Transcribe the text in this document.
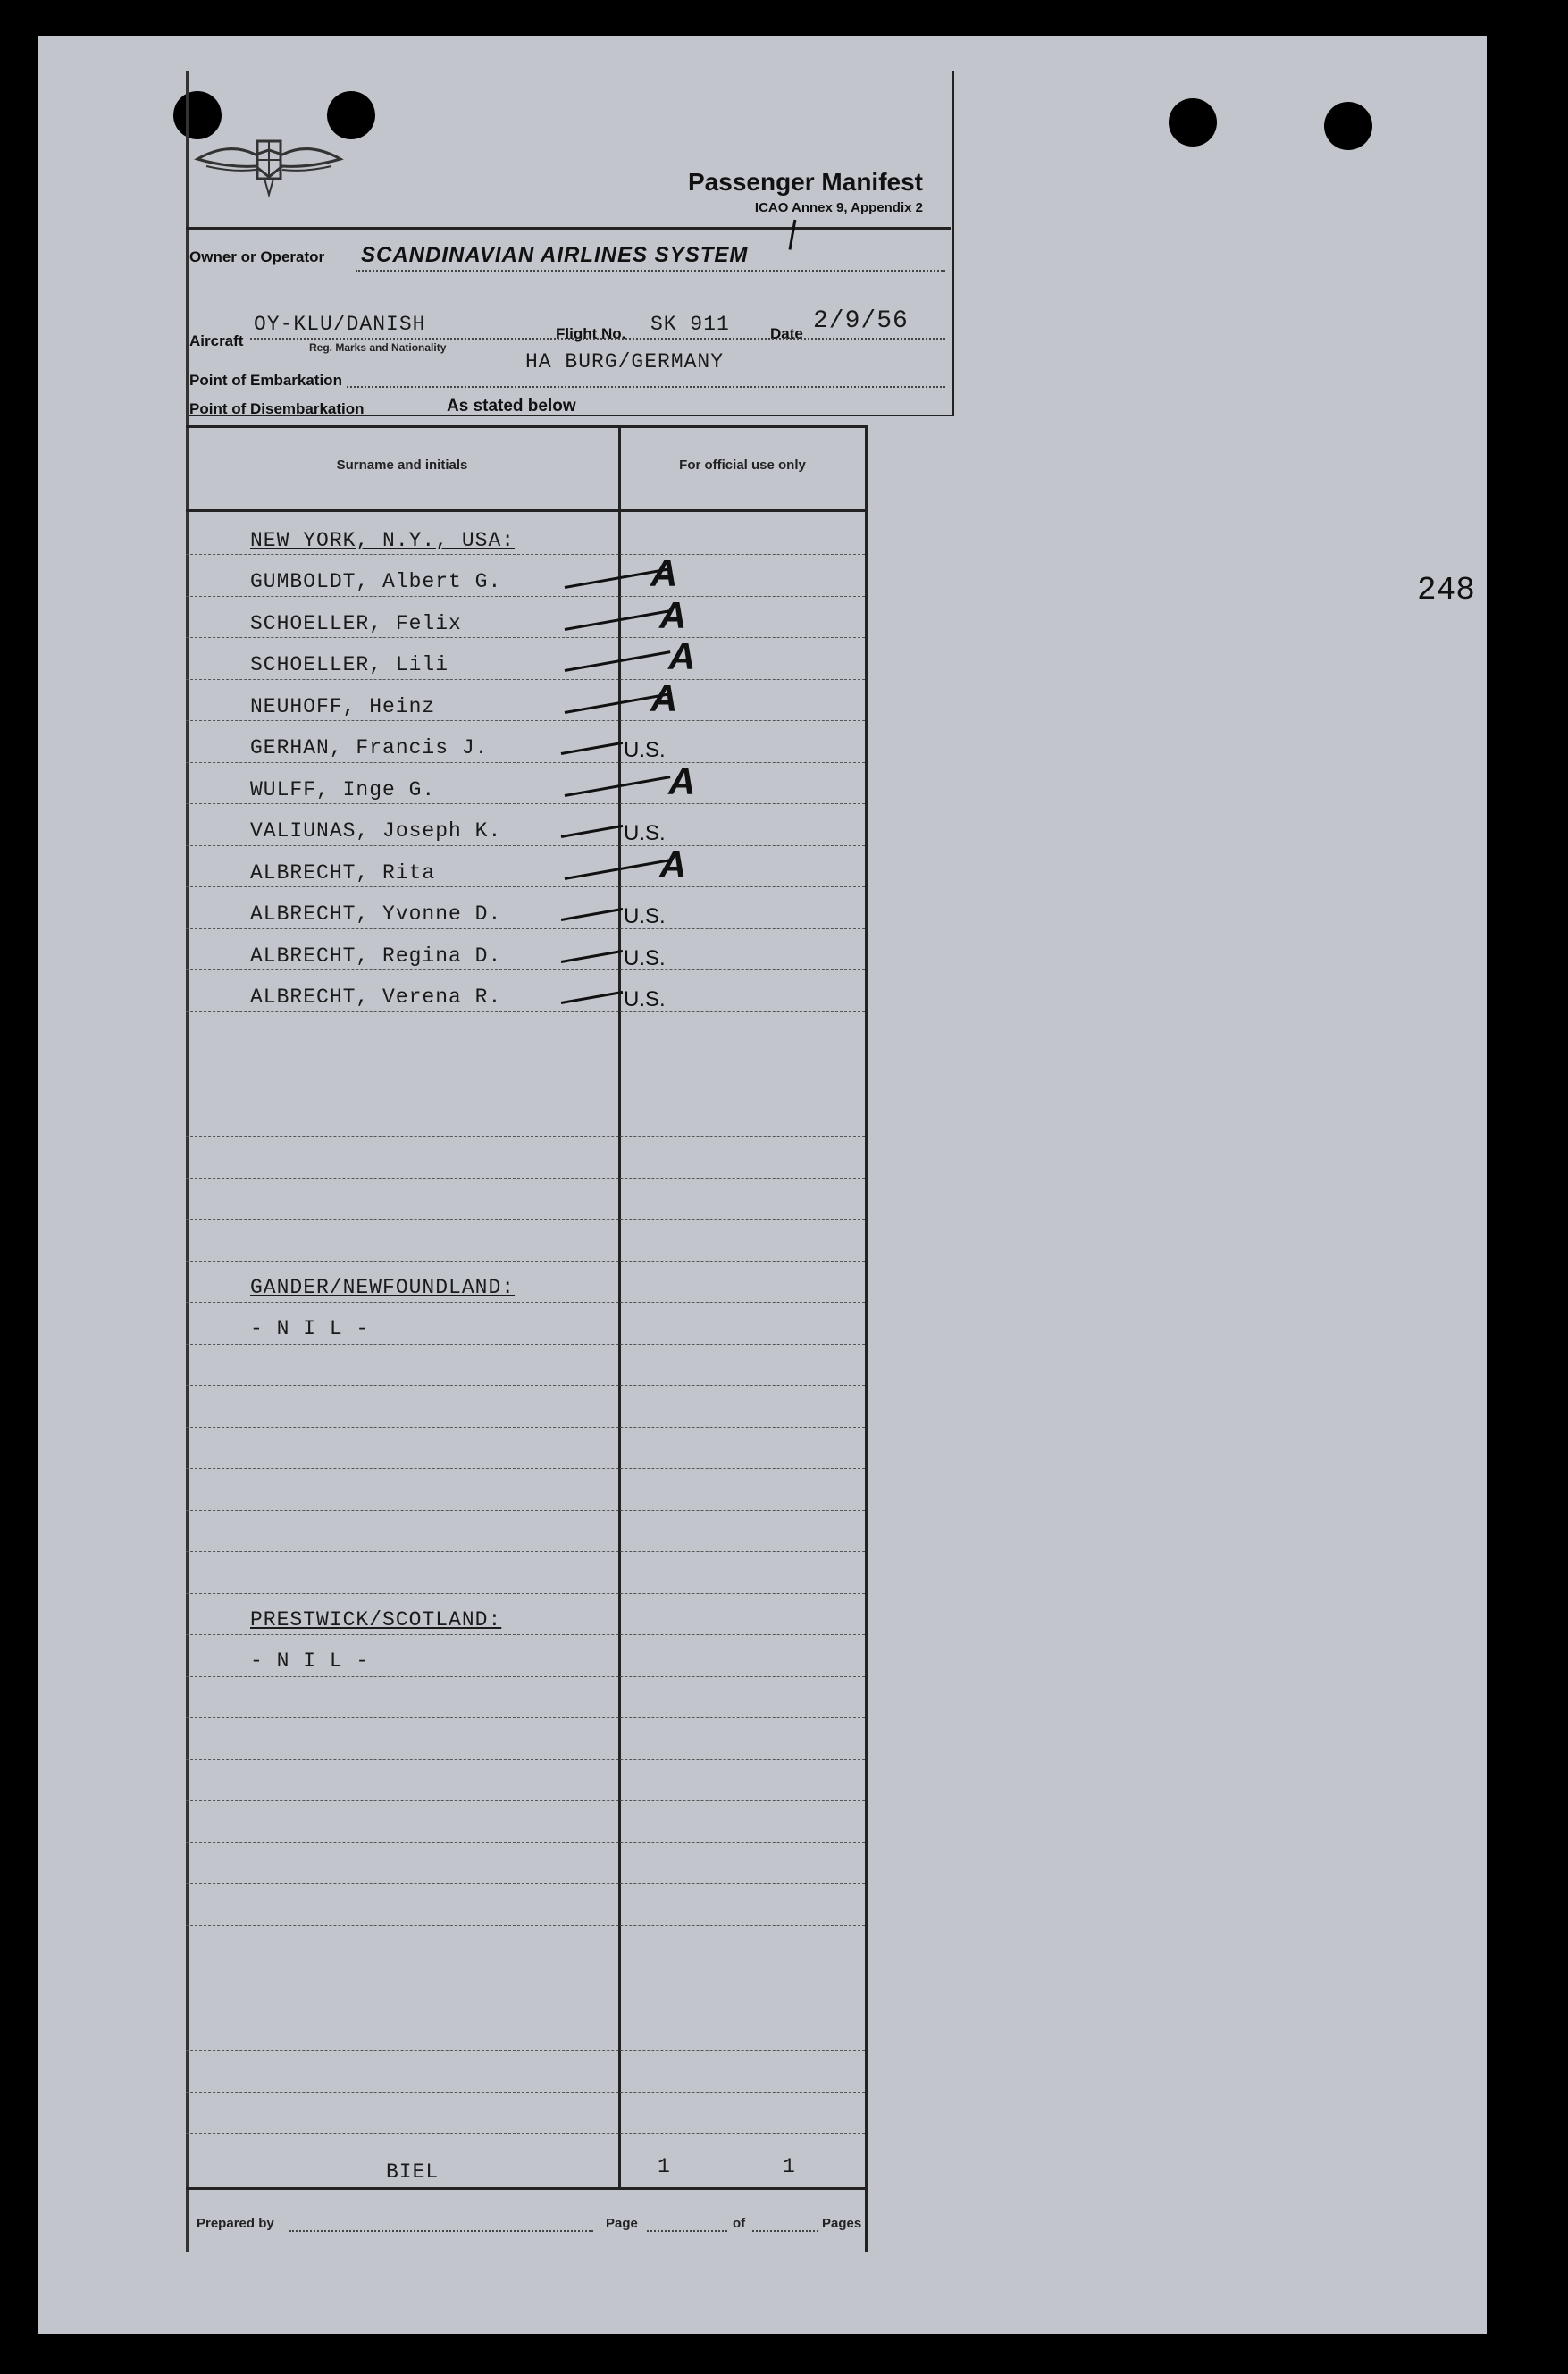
248
Passenger Manifest
ICAO Annex 9, Appendix 2
Owner or Operator SCANDINAVIAN AIRLINES SYSTEM
Aircraft
OY-KLU/DANISH
Reg. Marks and Nationality
Flight No. SK 911	Date 2/9/56
HA BURG/GERMANY
Point of Embarkation
Point of Disembarkation	As stated below
Surname and initials	For official use only
NEW YORK, N.Y., USA:
GUMBOLDT, Albert G.	A
SCHOELLER, Felix	A
SCHOELLER, Lili	A
NEUHOFF, Heinz	A
GERHAN, Francis J.	U.S.
WULFF, Inge G.	A
VALIUNAS, Joseph K.	U.S.
ALBRECHT, Rita	A
ALBRECHT, Yvonne D.	U.S.
ALBRECHT, Regina D.	U.S.
ALBRECHT, Verena R.	U.S.
GANDER/NEWFOUNDLAND:
- N I L -
PRESTWICK/SCOTLAND:
- N I L -
BIEL	1	1
Prepared by	Page	of	Pages
